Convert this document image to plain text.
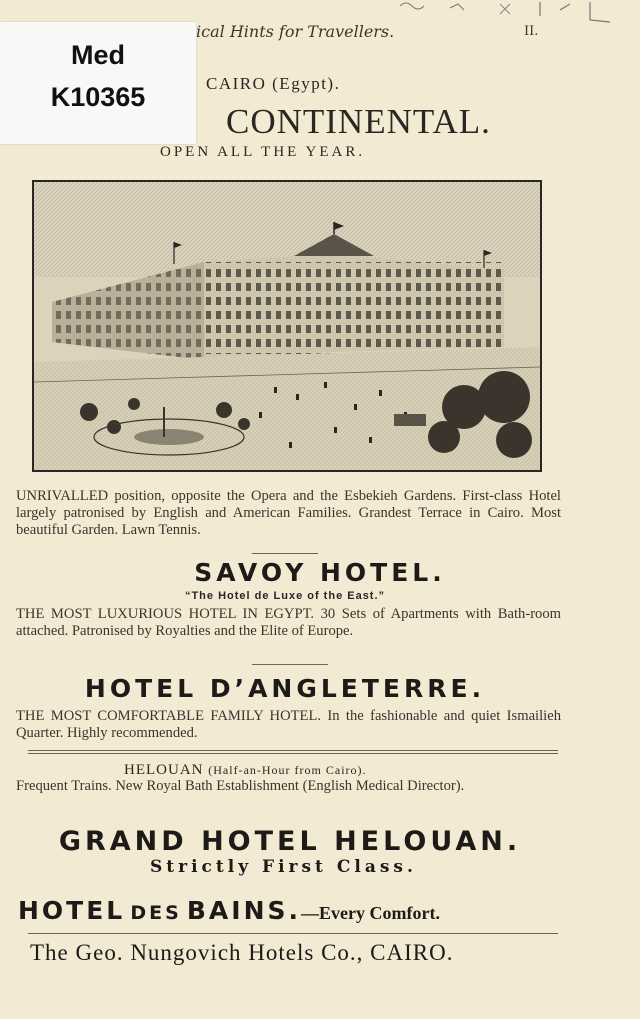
Med
K10365
ical Hints for Travellers.	II.
CAIRO (Egypt).
CONTINENTAL.
OPEN ALL THE YEAR.
UNRIVALLED position, opposite the Opera and the Esbekieh Gardens. First-class Hotel largely patronised by English and American Families. Grandest Terrace in Cairo. Most beautiful Garden. Lawn Tennis.
SAVOY HOTEL.
“The Hotel de Luxe of the East.”
THE MOST LUXURIOUS HOTEL IN EGYPT. 30 Sets of Apartments with Bath-room attached. Patronised by Royalties and the Elite of Europe.
HOTEL D’ANGLETERRE.
THE MOST COMFORTABLE FAMILY HOTEL. In the fashionable and quiet Ismailieh Quarter. Highly recommended.
HELOUAN (Half-an-Hour from Cairo).
Frequent Trains. New Royal Bath Establishment (English Medical Director).
GRAND HOTEL HELOUAN.
Strictly First Class.
HOTEL DES BAINS.—Every Comfort.
The Geo. Nungovich Hotels Co., CAIRO.
